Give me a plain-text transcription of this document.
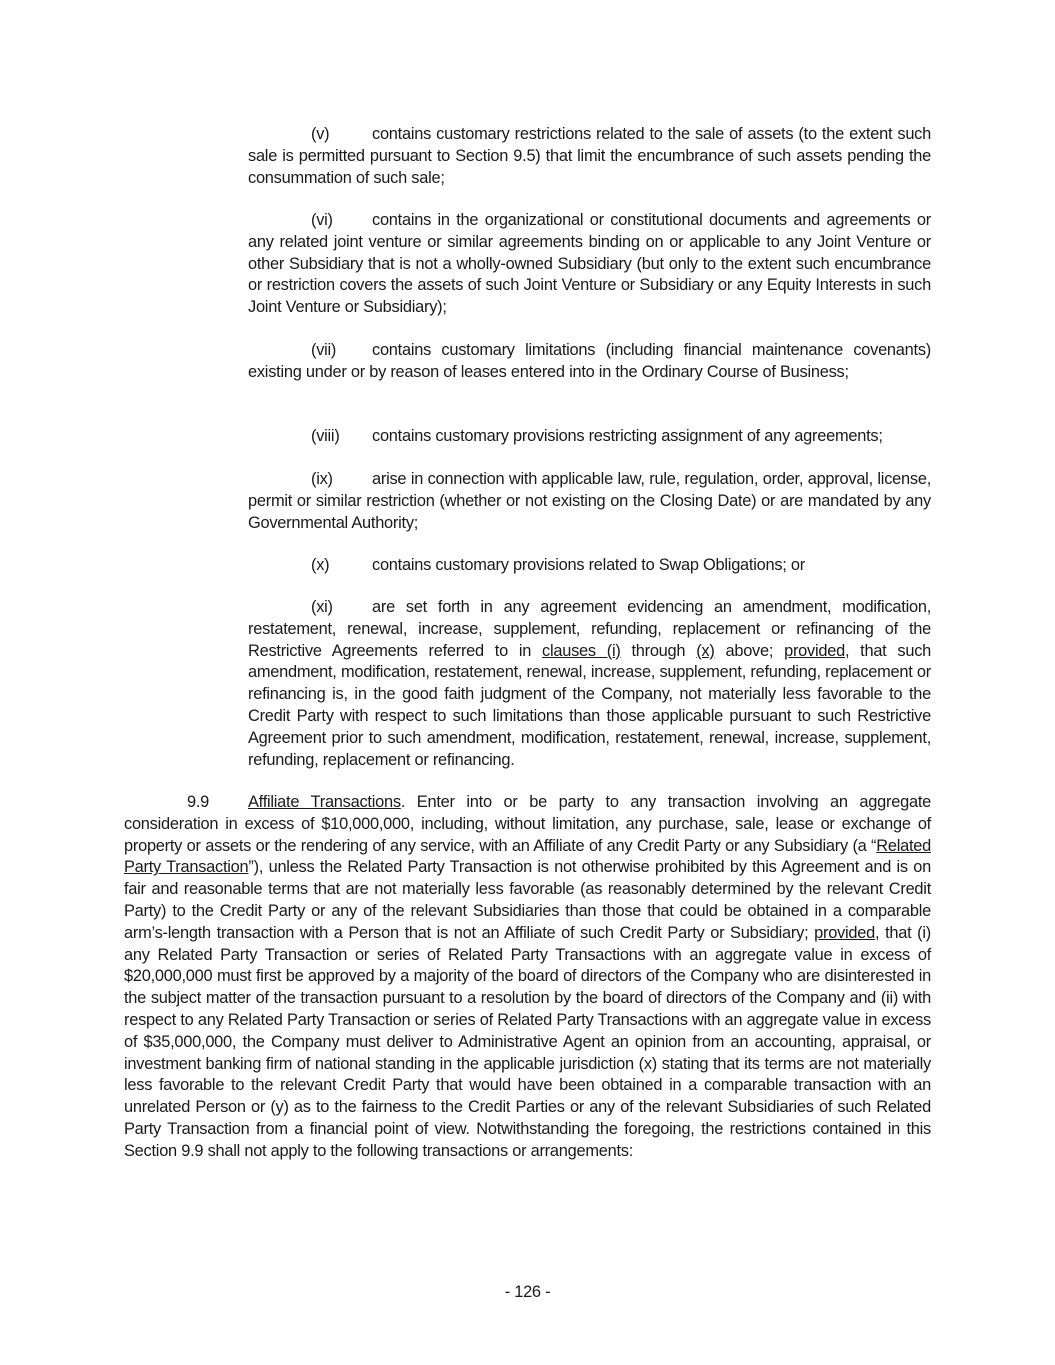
(v)	contains customary restrictions related to the sale of assets (to the extent such sale is permitted pursuant to Section 9.5) that limit the encumbrance of such assets pending the consummation of such sale;

(vi) contains in the organizational or constitutional documents and agreements or any related joint venture or similar agreements binding on or applicable to any Joint Venture or other Subsidiary that is not a wholly-owned Subsidiary (but only to the extent such encumbrance or restriction covers the assets of such Joint Venture or Subsidiary or any Equity Interests in such Joint Venture or Subsidiary);

(vii) contains customary limitations (including financial maintenance covenants) existing under or by reason of leases entered into in the Ordinary Course of Business;

(viii) contains customary provisions restricting assignment of any agreements;

(ix) arise in connection with applicable law, rule, regulation, order, approval, license, permit or similar restriction (whether or not existing on the Closing Date) or are mandated by any Governmental Authority;

(x)	contains customary provisions related to Swap Obligations; or

(xi) are set forth in any agreement evidencing an amendment, modification, restatement, renewal, increase, supplement, refunding, replacement or refinancing of the Restrictive Agreements referred to in clauses (i) through (x) above; provided, that such amendment, modification, restatement, renewal, increase, supplement, refunding, replacement or refinancing is, in the good faith judgment of the Company, not materially less favorable to the Credit Party with respect to such limitations than those applicable pursuant to such Restrictive Agreement prior to such amendment, modification, restatement, renewal, increase, supplement, refunding, replacement or refinancing.

9.9 Affiliate Transactions. Enter into or be party to any transaction involving an aggregate consideration in excess of $10,000,000, including, without limitation, any purchase, sale, lease or exchange of property or assets or the rendering of any service, with an Affiliate of any Credit Party or any Subsidiary (a “Related Party Transaction”), unless the Related Party Transaction is not otherwise prohibited by this Agreement and is on fair and reasonable terms that are not materially less favorable (as reasonably determined by the relevant Credit Party) to the Credit Party or any of the relevant Subsidiaries than those that could be obtained in a comparable arm’s-length transaction with a Person that is not an Affiliate of such Credit Party or Subsidiary; provided, that (i) any Related Party Transaction or series of Related Party Transactions with an aggregate value in excess of $20,000,000 must first be approved by a majority of the board of directors of the Company who are disinterested in the subject matter of the transaction pursuant to a resolution by the board of directors of the Company and (ii) with respect to any Related Party Transaction or series of Related Party Transactions with an aggregate value in excess of $35,000,000, the Company must deliver to Administrative Agent an opinion from an accounting, appraisal, or investment banking firm of national standing in the applicable jurisdiction (x) stating that its terms are not materially less favorable to the relevant Credit Party that would have been obtained in a comparable transaction with an unrelated Person or (y) as to the fairness to the Credit Parties or any of the relevant Subsidiaries of such Related Party Transaction from a financial point of view. Notwithstanding the foregoing, the restrictions contained in this Section 9.9 shall not apply to the following transactions or arrangements:

- 126 -
